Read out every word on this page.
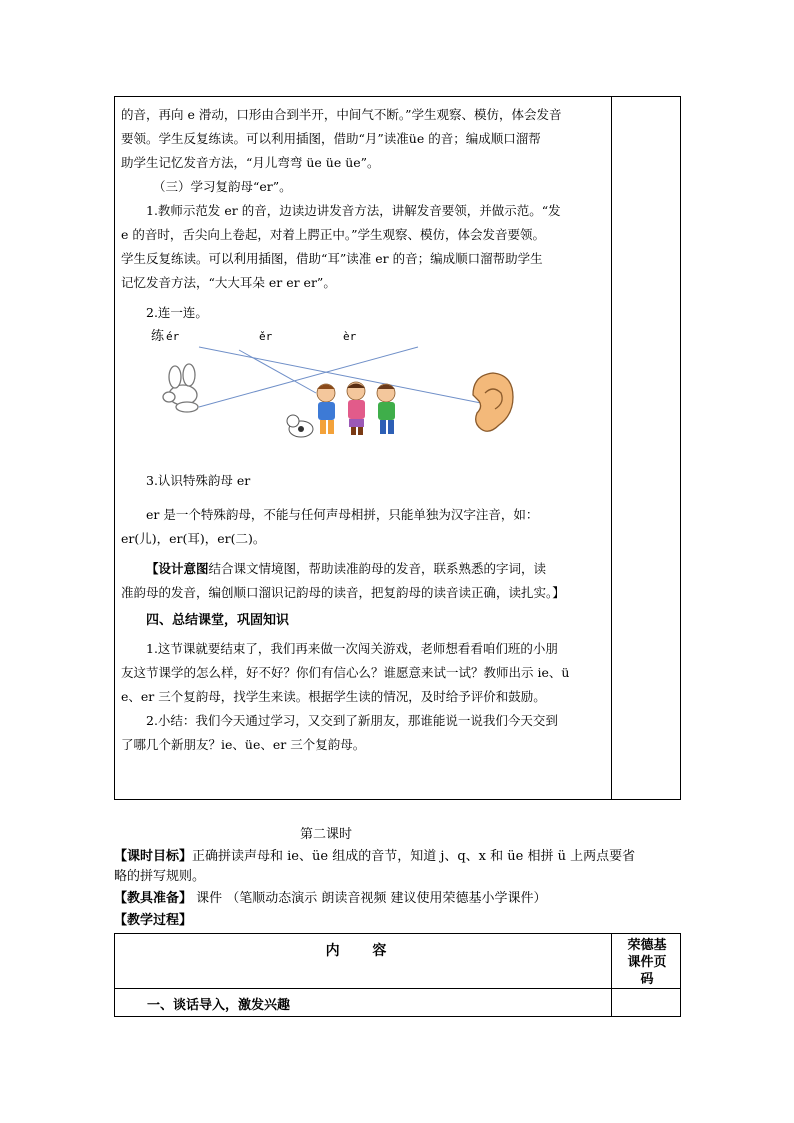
的音，再向 e 滑动，口形由合到半开，中间气不断。”学生观察、模仿，体会发音

要领。学生反复练读。可以利用插图，借助“月”读准üe 的音；编成顺口溜帮

助学生记忆发音方法，“月儿弯弯 üe üe üe”。

（三）学习复韵母“er”。

1.教师示范发 er 的音，边读边讲发音方法，讲解发音要领，并做示范。“发

e 的音时，舌尖向上卷起，对着上腭正中。”学生观察、模仿，体会发音要领。

学生反复练读。可以利用插图，借助“耳”读准 er 的音；编成顺口溜帮助学生

记忆发音方法，“大大耳朵 er er er”。

2.连一连。

练 ér	ěr	èr

3.认识特殊韵母 er

er 是一个特殊韵母，不能与任何声母相拼，只能单独为汉字注音，如：

er(儿)，er(耳)，er(二)。

【设计意图结合课文情境图，帮助读准韵母的发音，联系熟悉的字词，读

准韵母的发音，编创顺口溜识记韵母的读音，把复韵母的读音读正确，读扎实。】

四、总结课堂，巩固知识

1.这节课就要结束了，我们再来做一次闯关游戏，老师想看看咱们班的小朋

友这节课学的怎么样，好不好？你们有信心么？谁愿意来试一试？教师出示 ie、ü

e、er 三个复韵母，找学生来读。根据学生读的情况，及时给予评价和鼓励。

2.小结：我们今天通过学习，又交到了新朋友，那谁能说一说我们今天交到

了哪几个新朋友？ie、üe、er 三个复韵母。

第二课时
【课时目标】正确拼读声母和 ie、üe 组成的音节，知道 j、q、x 和 üe 相拼 ü 上两点要省
略的拼写规则。
【教具准备】 课件 （笔顺动态演示 朗读音视频 建议使用荣德基小学课件）
【教学过程】
内 容	荣德基
课件页
码
一、谈话导入，激发兴趣
